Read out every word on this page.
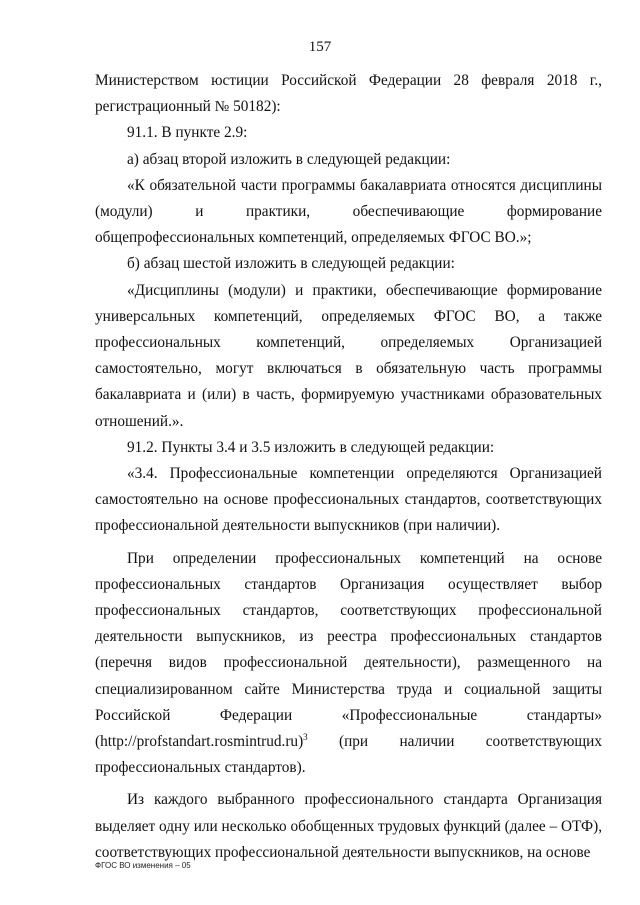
157

Министерством юстиции Российской Федерации 28 февраля 2018 г., регистрационный № 50182):

91.1. В пункте 2.9:

а) абзац второй изложить в следующей редакции:

«К обязательной части программы бакалавриата относятся дисциплины (модули) и практики, обеспечивающие формирование общепрофессиональных компетенций, определяемых ФГОС ВО.»;

б) абзац шестой изложить в следующей редакции:

«Дисциплины (модули) и практики, обеспечивающие формирование универсальных компетенций, определяемых ФГОС ВО, а также профессиональных компетенций, определяемых Организацией самостоятельно, могут включаться в обязательную часть программы бакалавриата и (или) в часть, формируемую участниками образовательных отношений.».

91.2. Пункты 3.4 и 3.5 изложить в следующей редакции:

«3.4. Профессиональные компетенции определяются Организацией самостоятельно на основе профессиональных стандартов, соответствующих профессиональной деятельности выпускников (при наличии).

При определении профессиональных компетенций на основе профессиональных стандартов Организация осуществляет выбор профессиональных стандартов, соответствующих профессиональной деятельности выпускников, из реестра профессиональных стандартов (перечня видов профессиональной деятельности), размещенного на специализированном сайте Министерства труда и социальной защиты Российской Федерации «Профессиональные стандарты» (http://profstandart.rosmintrud.ru)$^3$ (при наличии соответствующих профессиональных стандартов).

Из каждого выбранного профессионального стандарта Организация выделяет одну или несколько обобщенных трудовых функций (далее – ОТФ), соответствующих профессиональной деятельности выпускников, на основе

ФГОС ВО изменения – 05
